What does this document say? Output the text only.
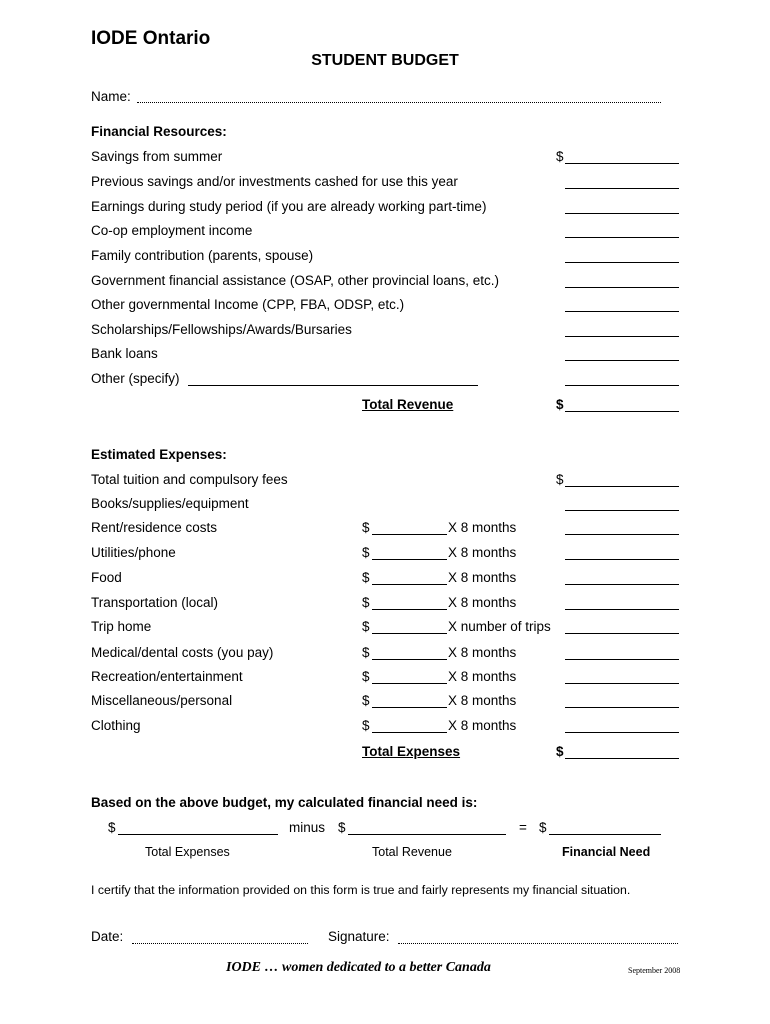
IODE Ontario
STUDENT BUDGET
Name:
Financial Resources:
Savings from summer	$
Previous savings and/or investments cashed for use this year
Earnings during study period (if you are already working part-time)
Co-op employment income
Family contribution (parents, spouse)
Government financial assistance (OSAP, other provincial loans, etc.)
Other governmental Income (CPP, FBA, ODSP, etc.)
Scholarships/Fellowships/Awards/Bursaries
Bank loans
Other (specify)
Total Revenue	$
Estimated Expenses:
Total tuition and compulsory fees	$
Books/supplies/equipment
Rent/residence costs	$	X 8 months
Utilities/phone	$	X 8 months
Food	$	X 8 months
Transportation (local)	$	X 8 months
Trip home	$	X number of trips
Medical/dental costs (you pay)	$	X 8 months
Recreation/entertainment	$	X 8 months
Miscellaneous/personal	$	X 8 months
Clothing	$	X 8 months
Total Expenses	$
Based on the above budget, my calculated financial need is:
$	minus $	= $
Total Expenses	Total Revenue	Financial Need
I certify that the information provided on this form is true and fairly represents my financial situation.
Date:	Signature:
IODE … women dedicated to a better Canada	September 2008
